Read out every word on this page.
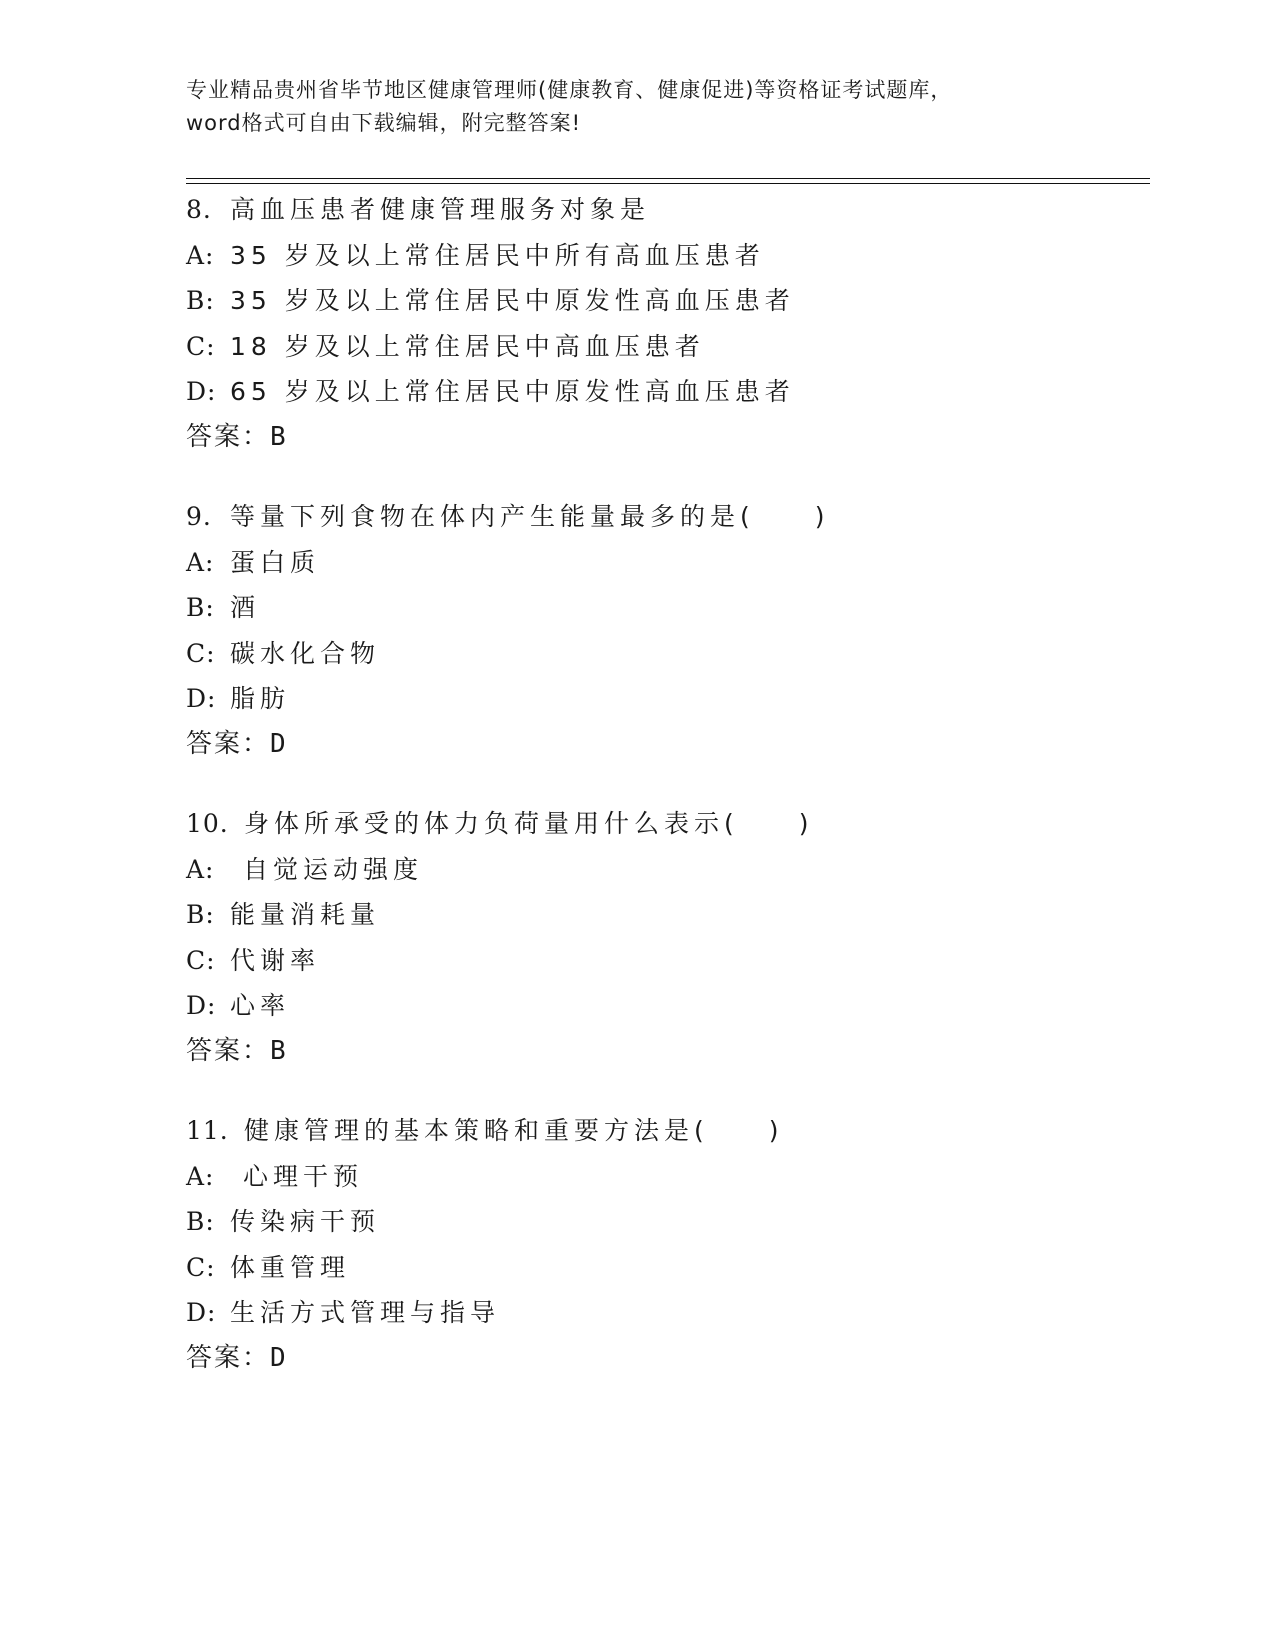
专业精品贵州省毕节地区健康管理师(健康教育、健康促进)等资格证考试题库，
word格式可自由下载编辑，附完整答案!
8. 高血压患者健康管理服务对象是
A: 35 岁及以上常住居民中所有高血压患者
B: 35 岁及以上常住居民中原发性高血压患者
C: 18 岁及以上常住居民中高血压患者
D: 65 岁及以上常住居民中原发性高血压患者
答案：B
9. 等量下列食物在体内产生能量最多的是(　　)
A: 蛋白质
B: 酒
C: 碳水化合物
D: 脂肪
答案：D
10. 身体所承受的体力负荷量用什么表示(　　)
A: 自觉运动强度
B: 能量消耗量
C: 代谢率
D: 心率
答案：B
11. 健康管理的基本策略和重要方法是(　　)
A: 心理干预
B: 传染病干预
C: 体重管理
D: 生活方式管理与指导
答案：D
